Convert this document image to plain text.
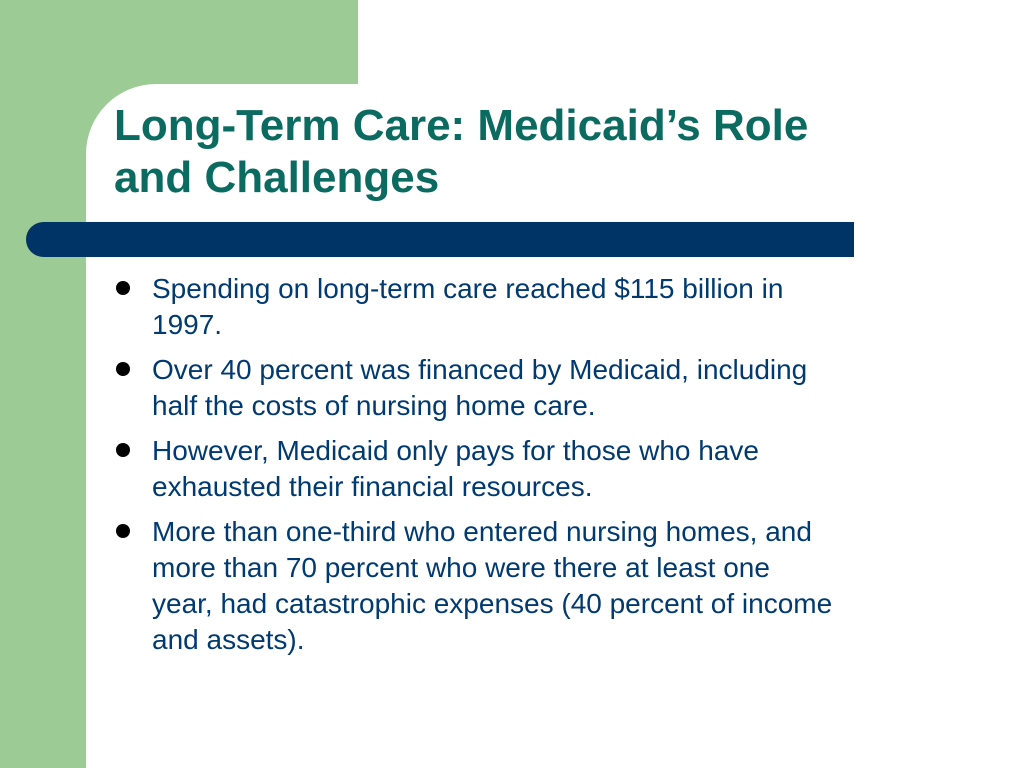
Long-Term Care: Medicaid’s Role
and Challenges
Spending on long-term care reached $115 billion in
1997.
Over 40 percent was financed by Medicaid, including
half the costs of nursing home care.
However, Medicaid only pays for those who have
exhausted their financial resources.
More than one-third who entered nursing homes, and
more than 70 percent who were there at least one
year, had catastrophic expenses (40 percent of income
and assets).
